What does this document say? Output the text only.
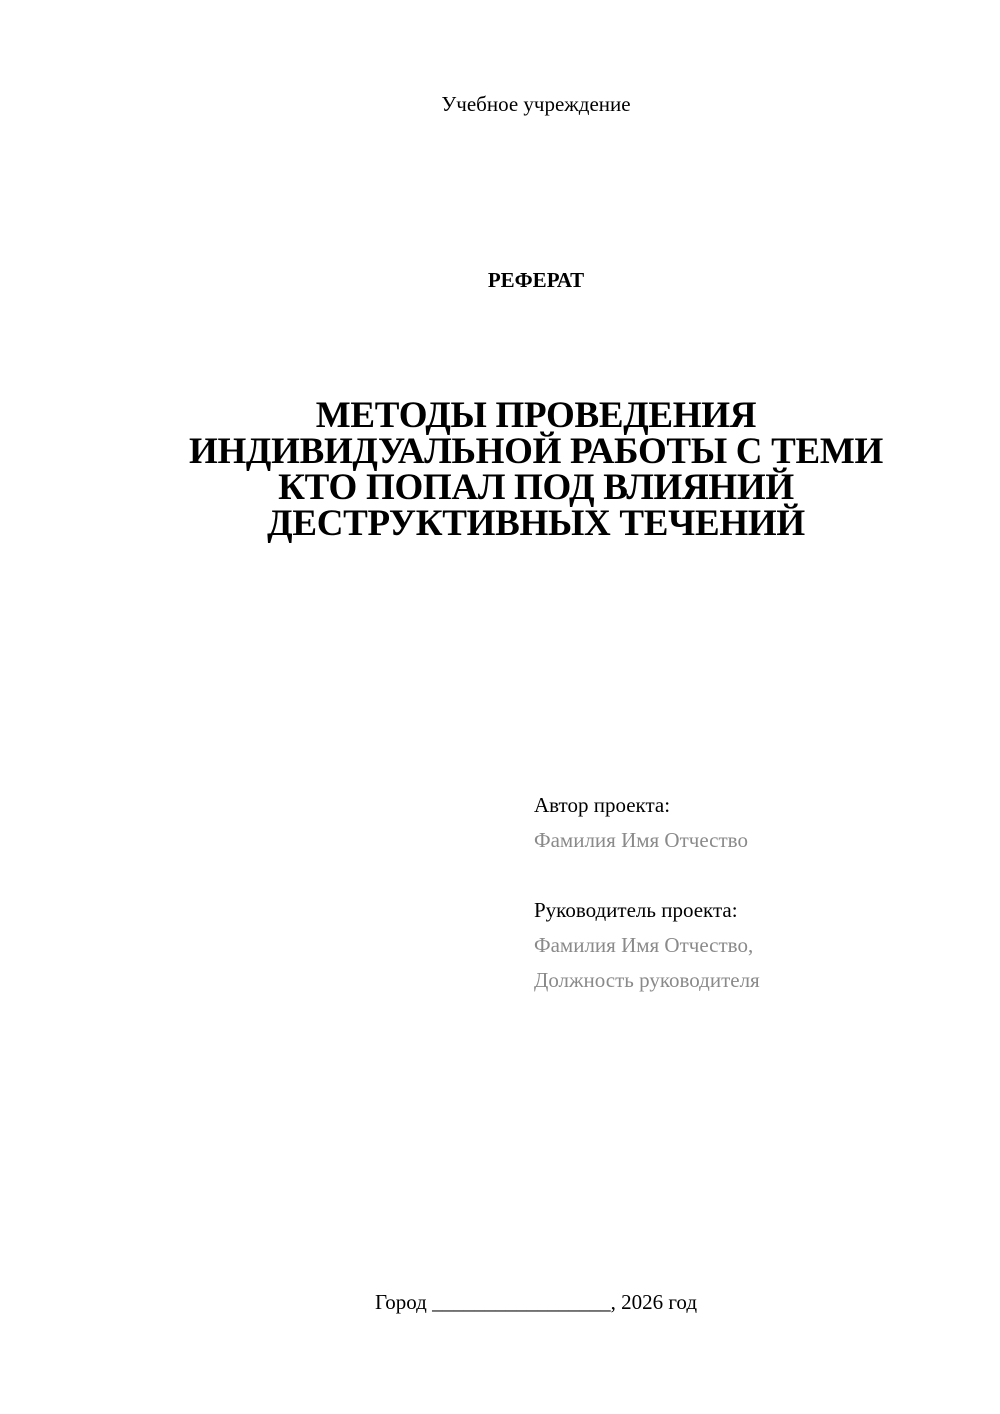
Учебное учреждение
РЕФЕРАТ
МЕТОДЫ ПРОВЕДЕНИЯ
ИНДИВИДУАЛЬНОЙ РАБОТЫ С ТЕМИ
КТО ПОПАЛ ПОД ВЛИЯНИЙ
ДЕСТРУКТИВНЫХ ТЕЧЕНИЙ
Автор проекта:
Фамилия Имя Отчество
Руководитель проекта:
Фамилия Имя Отчество,
Должность руководителя
Город _________________, 2026 год
